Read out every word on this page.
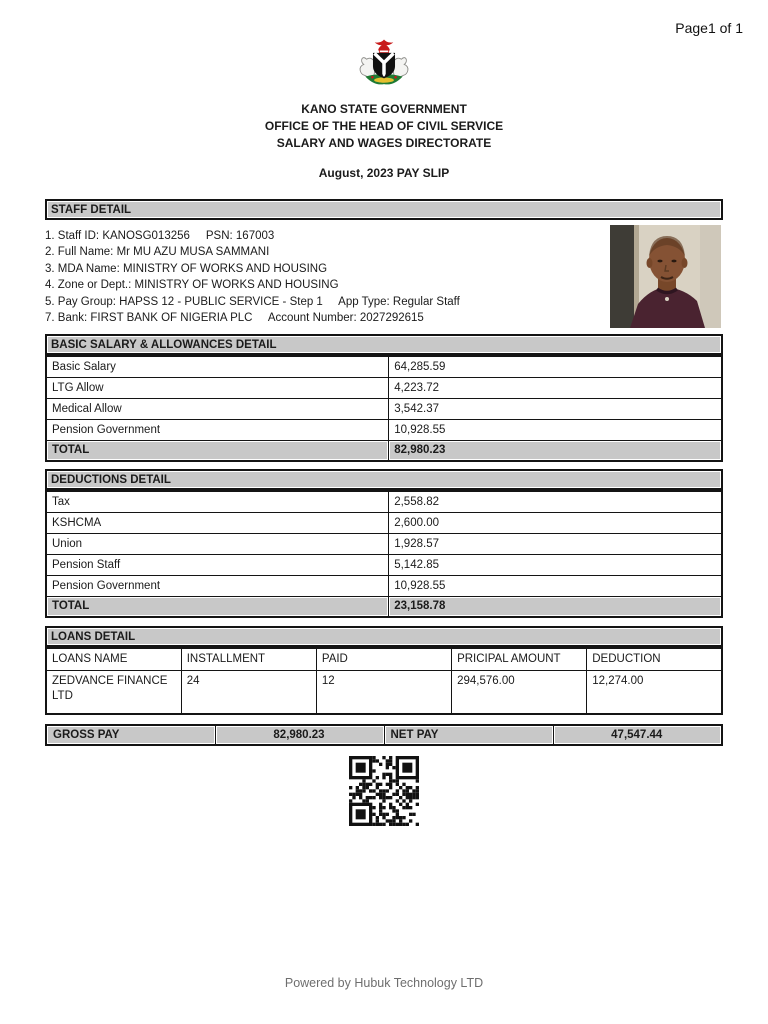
Page1 of 1
KANO STATE GOVERNMENT
OFFICE OF THE HEAD OF CIVIL SERVICE
SALARY AND WAGES DIRECTORATE
August, 2023 PAY SLIP
STAFF DETAIL
1. Staff ID: KANOSG013256     PSN: 167003
2. Full Name: Mr MU AZU MUSA SAMMANI
3. MDA Name: MINISTRY OF WORKS AND HOUSING
4. Zone or Dept.: MINISTRY OF WORKS AND HOUSING
5. Pay Group: HAPSS 12 - PUBLIC SERVICE - Step 1     App Type: Regular Staff
7. Bank: FIRST BANK OF NIGERIA PLC     Account Number: 2027292615
BASIC SALARY & ALLOWANCES DETAIL
Basic Salary	64,285.59
LTG Allow	4,223.72
Medical Allow	3,542.37
Pension Government	10,928.55
TOTAL	82,980.23
DEDUCTIONS DETAIL
Tax	2,558.82
KSHCMA	2,600.00
Union	1,928.57
Pension Staff	5,142.85
Pension Government	10,928.55
TOTAL	23,158.78
LOANS DETAIL
LOANS NAME	INSTALLMENT	PAID	PRICIPAL AMOUNT	DEDUCTION
ZEDVANCE FINANCE LTD	24	12	294,576.00	12,274.00
GROSS PAY	82,980.23	NET PAY	47,547.44
Powered by Hubuk Technology LTD
